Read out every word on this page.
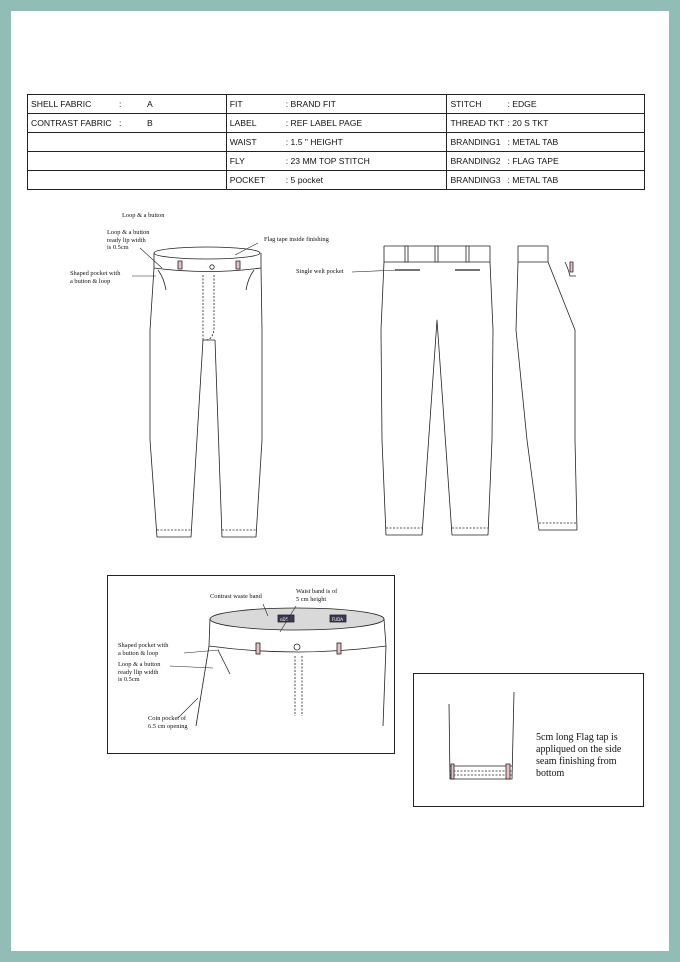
SHELL FABRIC : A	FIT : BRAND FIT	STITCH : EDGE

CONTRAST FABRIC : B	LABEL : REF LABEL PAGE	THREAD TKT : 20 S TKT

	WAIST : 1.5 " HEIGHT	BRANDING1 : METAL TAB

	FLY : 23 MM TOP STITCH	BRANDING2 : FLAG TAPE

	POCKET : 5 pocket	BRANDING3 : METAL TAB
Loop & a button
Loop & a button
ready lip width
is 0.5cm
Shaped pocket with
a button & loop
Flag tape inside finishing
Single welt pocket
nD5	FUDA
Contrast waste band
Waist band is of
5 cm height
Shaped pocket with
a button & loop
Loop & a button
ready llip width
is 0.5cm
Coin pocket of
6.5 cm opening
5cm long Flag tap is
appliqued on the side
seam finishing from
bottom
